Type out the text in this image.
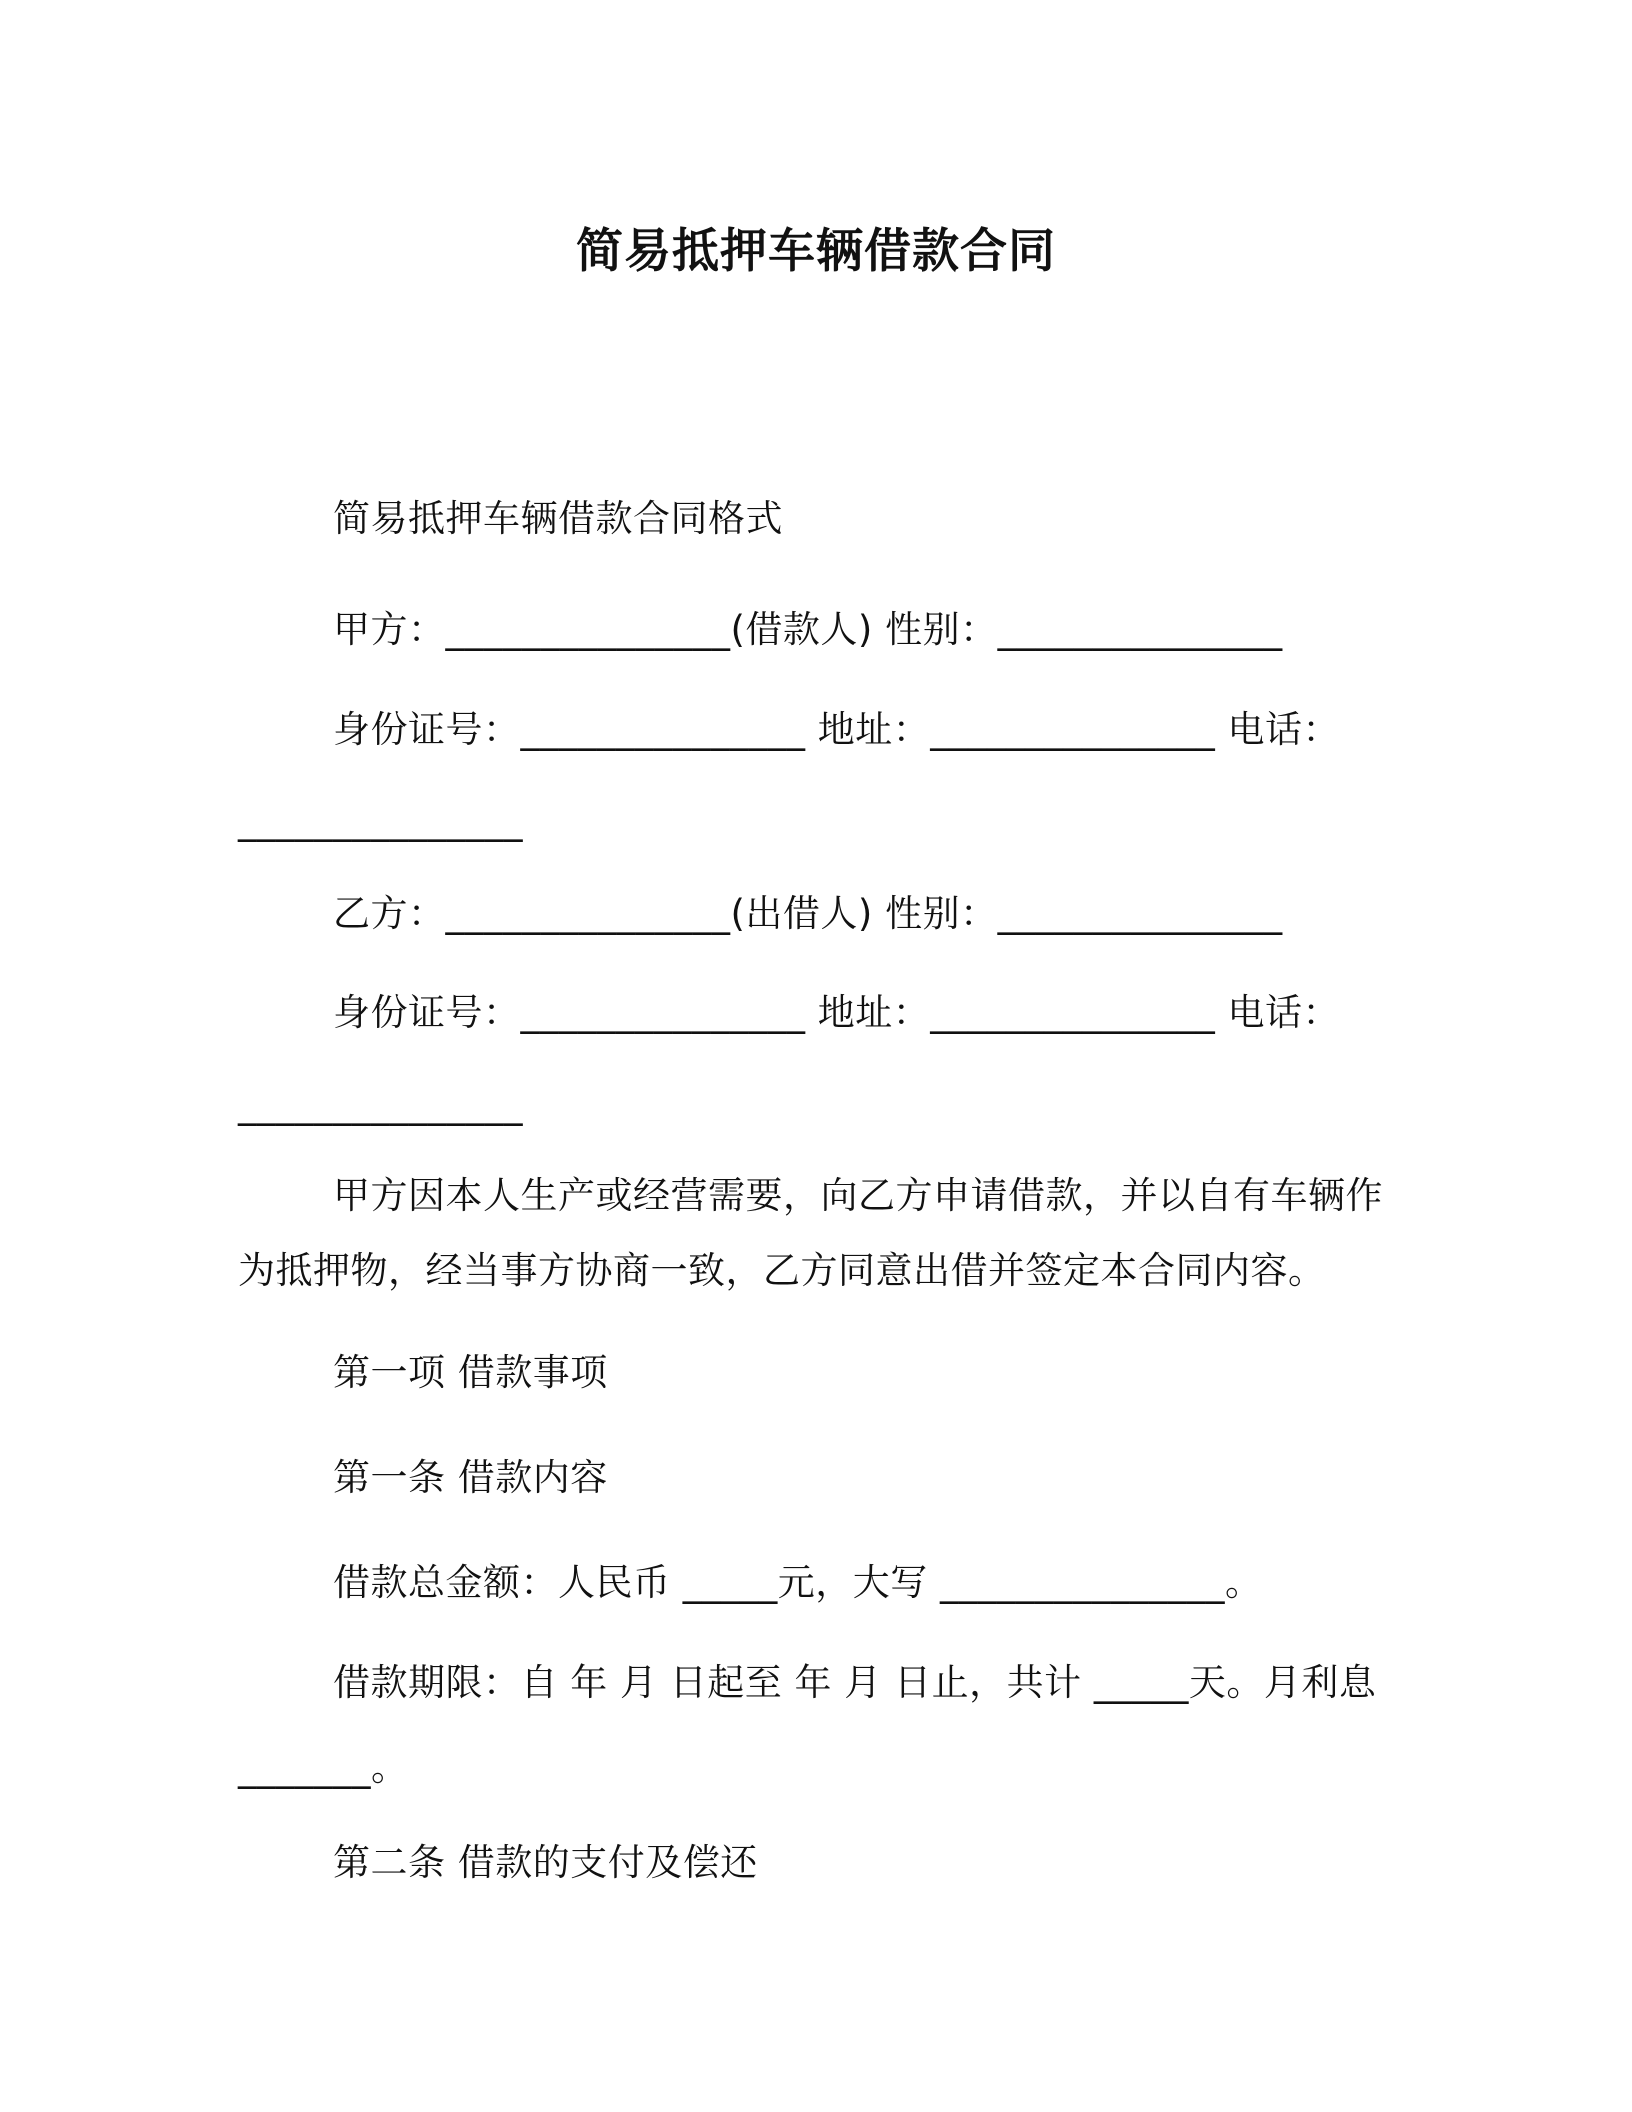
简易抵押车辆借款合同
简易抵押车辆借款合同格式
甲方：_______________(借款人) 性别：_______________
身份证号：_______________ 地址：_______________ 电话：
_______________
乙方：_______________(出借人) 性别：_______________
身份证号：_______________ 地址：_______________ 电话：
_______________
甲方因本人生产或经营需要，向乙方申请借款，并以自有车辆作
为抵押物，经当事方协商一致，乙方同意出借并签定本合同内容。
第一项 借款事项
第一条 借款内容
借款总金额：人民币 _____元，大写 _______________。
借款期限：自 年 月 日起至 年 月 日止，共计 _____天。月利息
_______。
第二条 借款的支付及偿还
